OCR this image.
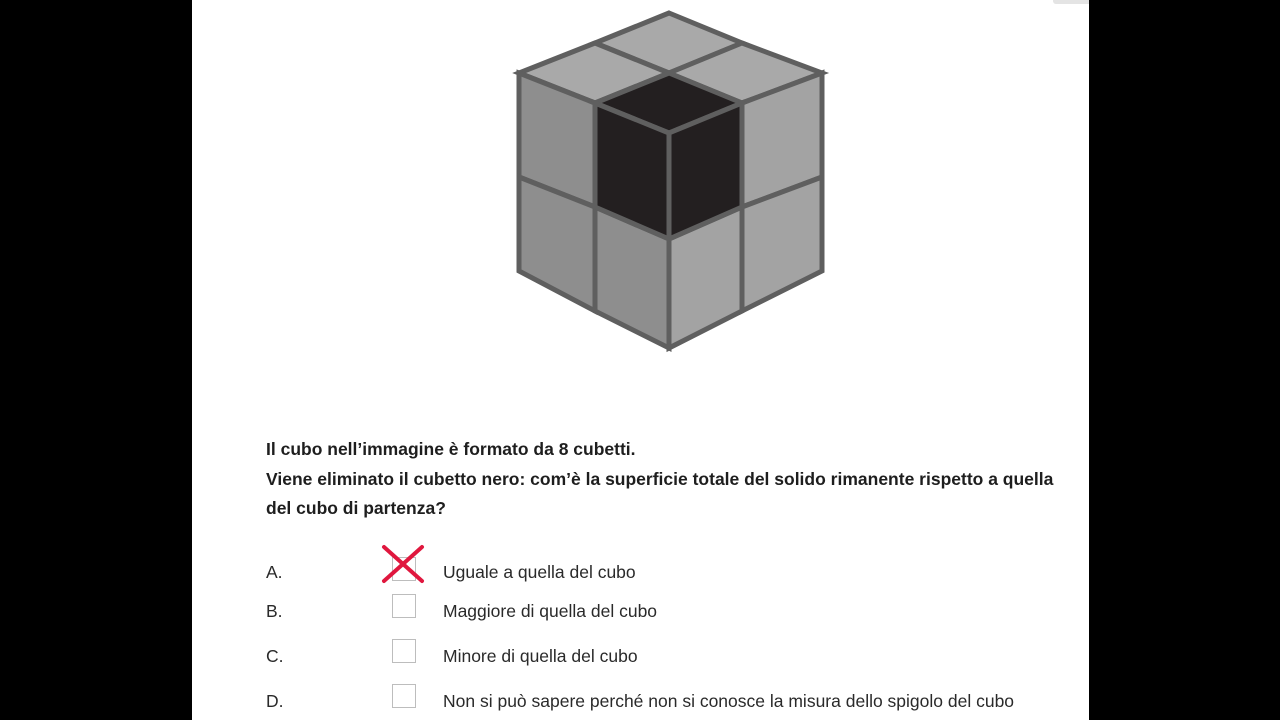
Il cubo nell’immagine è formato da 8 cubetti.

Viene eliminato il cubetto nero: com’è la superficie totale del solido rimanente rispetto a quella del cubo di partenza?

A.	Uguale a quella del cubo
B.	Maggiore di quella del cubo
C.	Minore di quella del cubo
D.	Non si può sapere perché non si conosce la misura dello spigolo del cubo
